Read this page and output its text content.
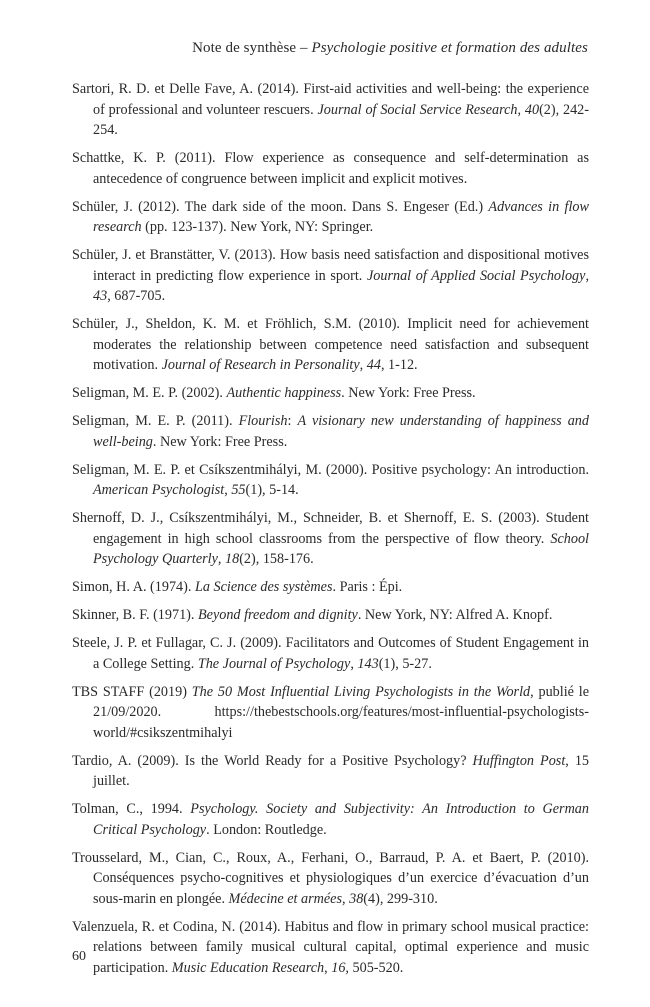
Note de synthèse – Psychologie positive et formation des adultes
Sartori, R. D. et Delle Fave, A. (2014). First-aid activities and well-being: the experience of professional and volunteer rescuers. Journal of Social Service Research, 40(2), 242-254.
Schattke, K. P. (2011). Flow experience as consequence and self-determination as antecedence of congruence between implicit and explicit motives.
Schüler, J. (2012). The dark side of the moon. Dans S. Engeser (Ed.) Advances in flow research (pp. 123-137). New York, NY: Springer.
Schüler, J. et Branstätter, V. (2013). How basis need satisfaction and dispositional motives interact in predicting flow experience in sport. Journal of Applied Social Psychology, 43, 687-705.
Schüler, J., Sheldon, K. M. et Fröhlich, S.M. (2010). Implicit need for achievement moderates the relationship between competence need satisfaction and subsequent motivation. Journal of Research in Personality, 44, 1-12.
Seligman, M. E. P. (2002). Authentic happiness. New York: Free Press.
Seligman, M. E. P. (2011). Flourish: A visionary new understanding of happiness and well-being. New York: Free Press.
Seligman, M. E. P. et Csíkszentmihályi, M. (2000). Positive psychology: An introduction. American Psychologist, 55(1), 5-14.
Shernoff, D. J., Csíkszentmihályi, M., Schneider, B. et Shernoff, E. S. (2003). Student engagement in high school classrooms from the perspective of flow theory. School Psychology Quarterly, 18(2), 158-176.
Simon, H. A. (1974). La Science des systèmes. Paris : Épi.
Skinner, B. F. (1971). Beyond freedom and dignity. New York, NY: Alfred A. Knopf.
Steele, J. P. et Fullagar, C. J. (2009). Facilitators and Outcomes of Student Engagement in a College Setting. The Journal of Psychology, 143(1), 5-27.
TBS STAFF (2019) The 50 Most Influential Living Psychologists in the World, publié le 21/09/2020. https://thebestschools.org/features/most-influential-psychologists-world/#csikszentmihalyi
Tardio, A. (2009). Is the World Ready for a Positive Psychology? Huffington Post, 15 juillet.
Tolman, C., 1994. Psychology. Society and Subjectivity: An Introduction to German Critical Psychology. London: Routledge.
Trousselard, M., Cian, C., Roux, A., Ferhani, O., Barraud, P. A. et Baert, P. (2010). Conséquences psycho-cognitives et physiologiques d’un exercice d’évacuation d’un sous-marin en plongée. Médecine et armées, 38(4), 299-310.
Valenzuela, R. et Codina, N. (2014). Habitus and flow in primary school musical practice: relations between family musical cultural capital, optimal experience and music participation. Music Education Research, 16, 505-520.
60
